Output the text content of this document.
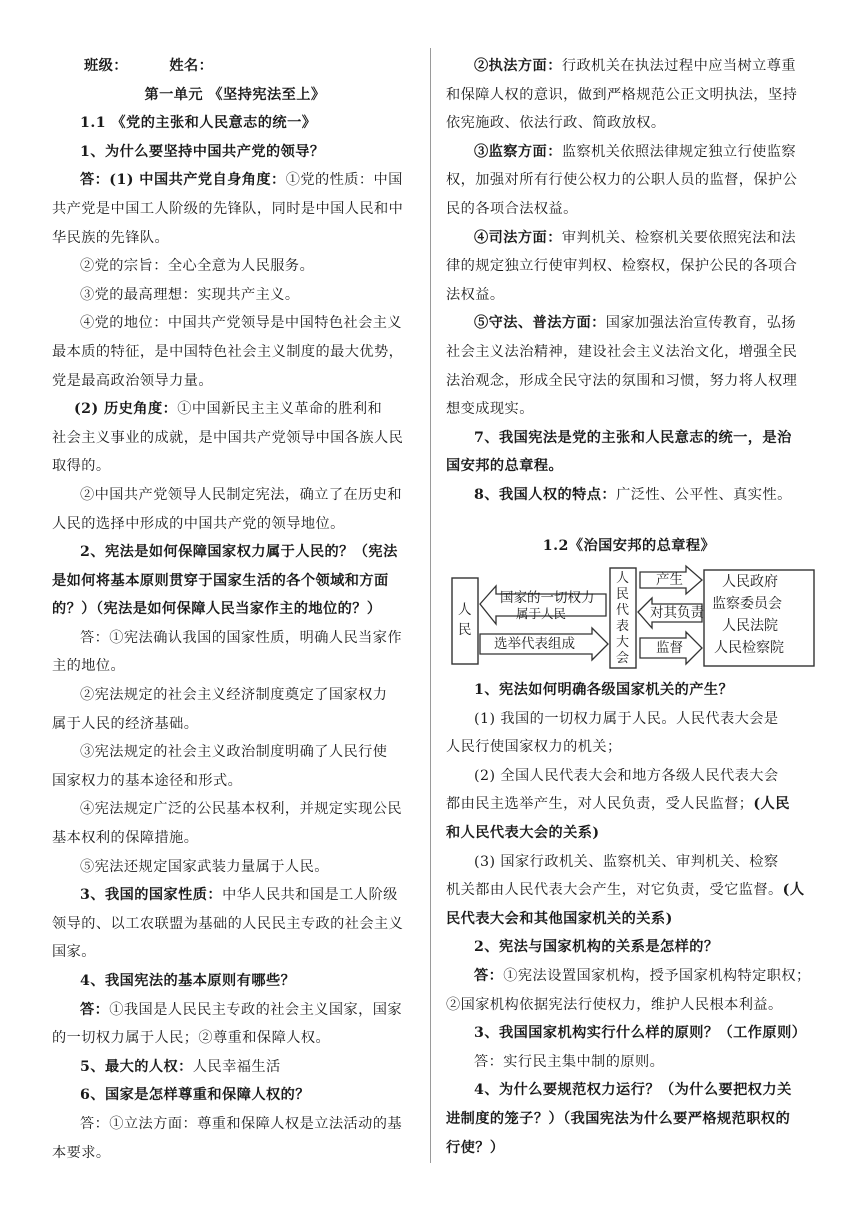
班级：	姓名：
第一单元 《坚持宪法至上》
1.1 《党的主张和人民意志的统一》
1、为什么要坚持中国共产党的领导？
答：(1) 中国共产党自身角度：①党的性质：中国
共产党是中国工人阶级的先锋队，同时是中国人民和中
华民族的先锋队。
②党的宗旨：全心全意为人民服务。
③党的最高理想：实现共产主义。
④党的地位：中国共产党领导是中国特色社会主义
最本质的特征，是中国特色社会主义制度的最大优势，
党是最高政治领导力量。
(2) 历史角度：①中国新民主主义革命的胜利和
社会主义事业的成就，是中国共产党领导中国各族人民
取得的。
②中国共产党领导人民制定宪法，确立了在历史和
人民的选择中形成的中国共产党的领导地位。
2、宪法是如何保障国家权力属于人民的？（宪法
是如何将基本原则贯穿于国家生活的各个领域和方面
的？）（宪法是如何保障人民当家作主的地位的？）
答：①宪法确认我国的国家性质，明确人民当家作
主的地位。
②宪法规定的社会主义经济制度奠定了国家权力
属于人民的经济基础。
③宪法规定的社会主义政治制度明确了人民行使
国家权力的基本途径和形式。
④宪法规定广泛的公民基本权利，并规定实现公民
基本权利的保障措施。
⑤宪法还规定国家武装力量属于人民。
3、我国的国家性质：中华人民共和国是工人阶级
领导的、以工农联盟为基础的人民民主专政的社会主义
国家。
4、我国宪法的基本原则有哪些？
答：①我国是人民民主专政的社会主义国家，国家
的一切权力属于人民；②尊重和保障人权。
5、最大的人权：人民幸福生活
6、国家是怎样尊重和保障人权的？
答：①立法方面：尊重和保障人权是立法活动的基
本要求。
②执法方面：行政机关在执法过程中应当树立尊重
和保障人权的意识，做到严格规范公正文明执法，坚持
依宪施政、依法行政、简政放权。
③监察方面：监察机关依照法律规定独立行使监察
权，加强对所有行使公权力的公职人员的监督，保护公
民的各项合法权益。
④司法方面：审判机关、检察机关要依照宪法和法
律的规定独立行使审判权、检察权，保护公民的各项合
法权益。
⑤守法、普法方面：国家加强法治宣传教育，弘扬
社会主义法治精神，建设社会主义法治文化，增强全民
法治观念，形成全民守法的氛围和习惯，努力将人权理
想变成现实。
7、我国宪法是党的主张和人民意志的统一，是治
国安邦的总章程。
8、我国人权的特点：广泛性、公平性、真实性。
1.2《治国安邦的总章程》
人民
国家的一切权力
属于人民
选举代表组成
人民代表大会
产生
对其负责
监督
人民政府
监察委员会
人民法院
人民检察院
1、宪法如何明确各级国家机关的产生？
(1) 我国的一切权力属于人民。人民代表大会是
人民行使国家权力的机关；
(2) 全国人民代表大会和地方各级人民代表大会
都由民主选举产生，对人民负责，受人民监督；(人民
和人民代表大会的关系)
(3) 国家行政机关、监察机关、审判机关、检察
机关都由人民代表大会产生，对它负责，受它监督。(人
民代表大会和其他国家机关的关系)
2、宪法与国家机构的关系是怎样的？
答：①宪法设置国家机构，授予国家机构特定职权；
②国家机构依据宪法行使权力，维护人民根本利益。
3、我国国家机构实行什么样的原则？（工作原则）
答：实行民主集中制的原则。
4、为什么要规范权力运行？（为什么要把权力关
进制度的笼子？）（我国宪法为什么要严格规范职权的
行使？）
